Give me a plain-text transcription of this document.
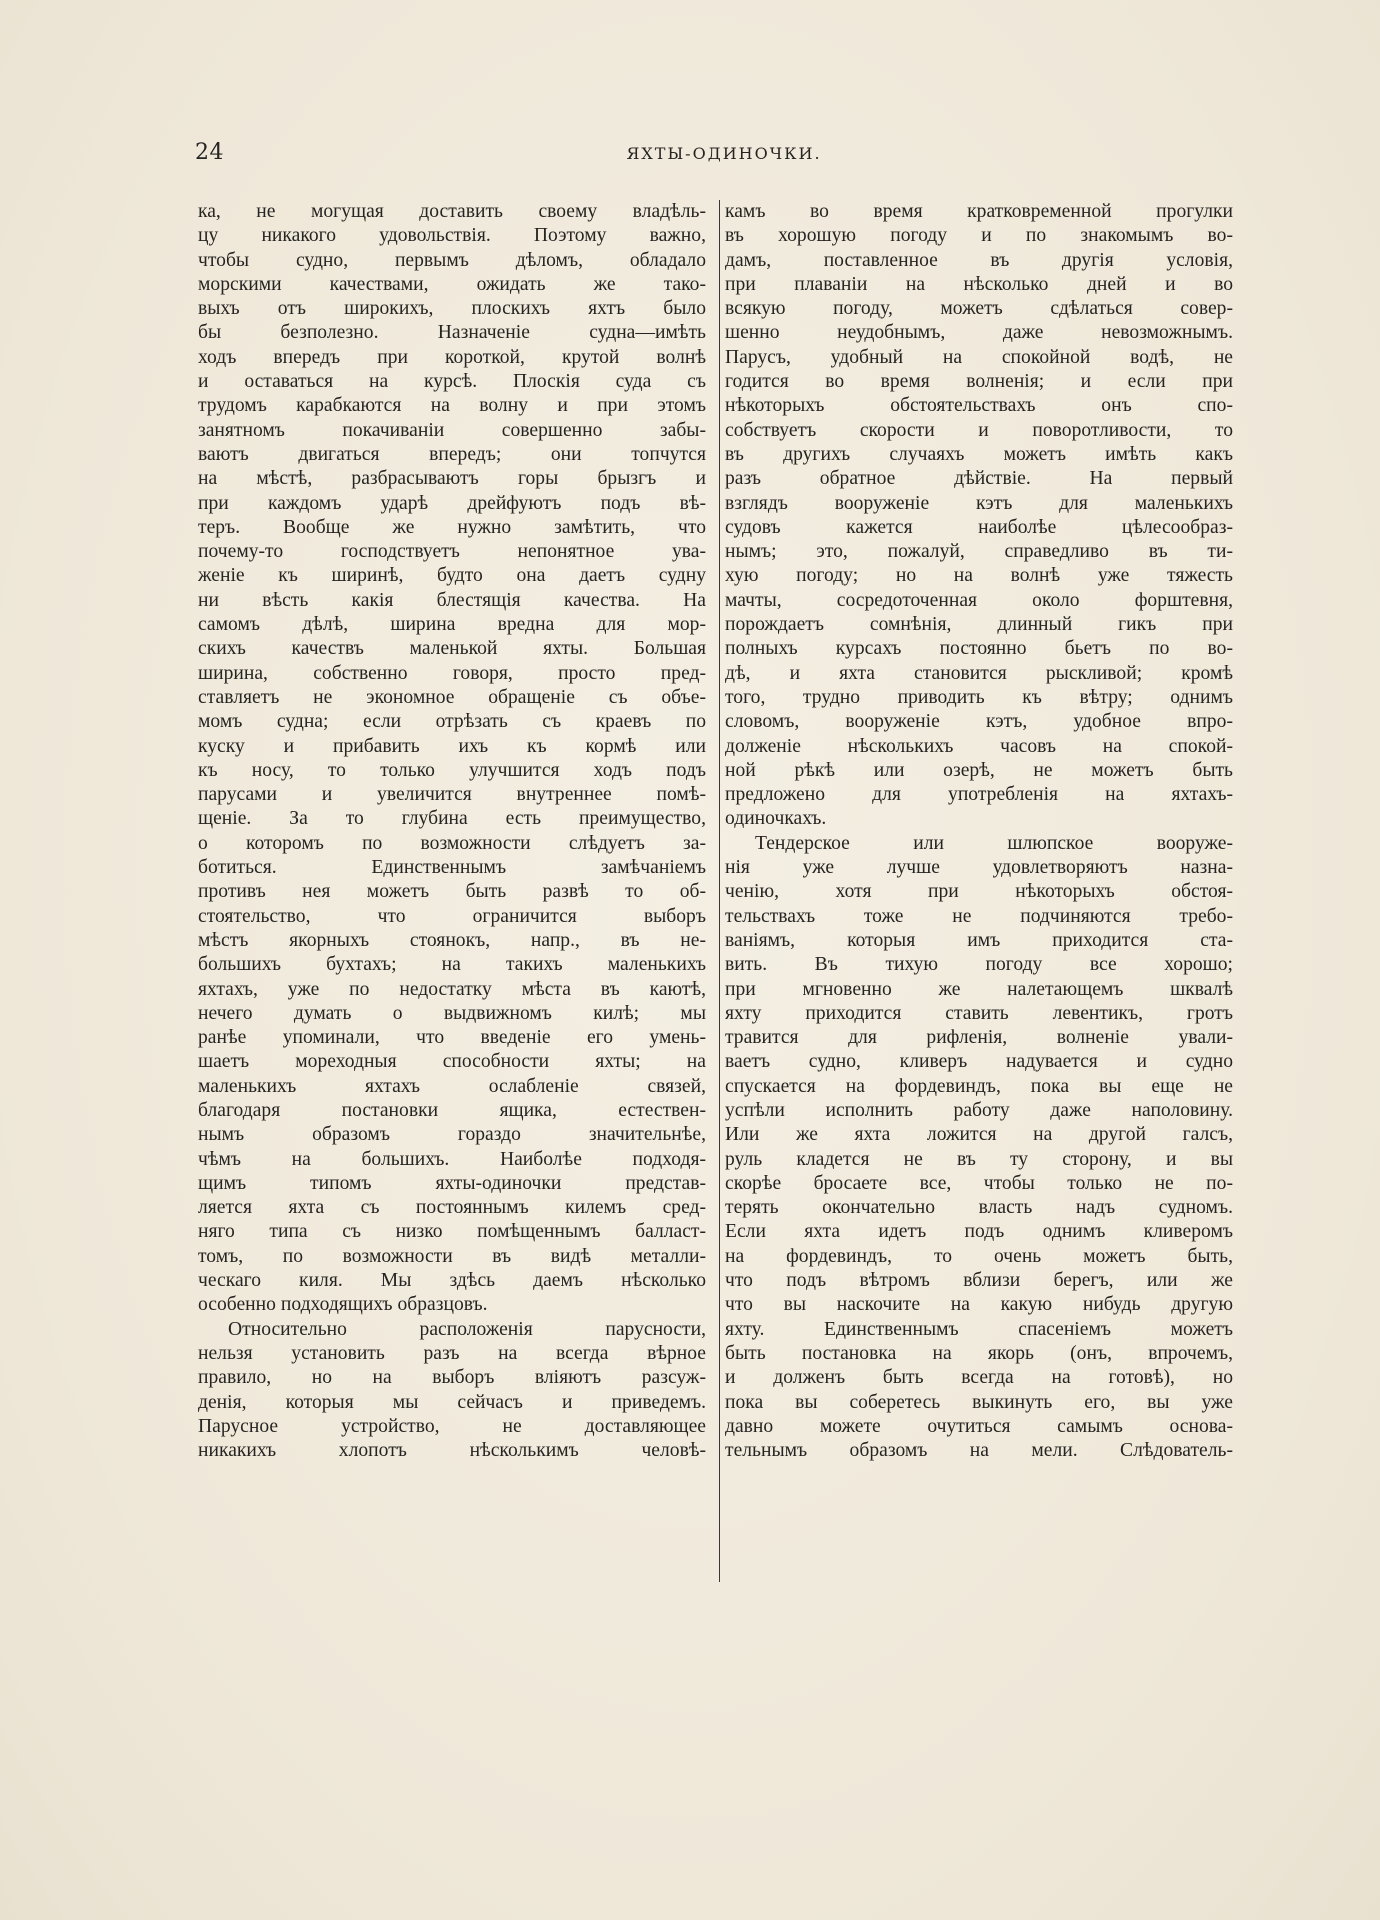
24	ЯХТЫ-ОДИНОЧКИ.

ка, не могущая доставить своему владѣль-

цу никакого удовольствія. Поэтому важно,

чтобы судно, первымъ дѣломъ, обладало

морскими качествами, ожидать же тако-

выхъ отъ широкихъ, плоскихъ яхтъ было

бы безполезно. Назначеніе судна—имѣть

ходъ впередъ при короткой, крутой волнѣ

и оставаться на курсѣ. Плоскія суда съ

трудомъ карабкаются на волну и при этомъ

занятномъ покачиваніи совершенно забы-

ваютъ двигаться впередъ; они топчутся

на мѣстѣ, разбрасываютъ горы брызгъ и

при каждомъ ударѣ дрейфуютъ подъ вѣ-

теръ. Вообще же нужно замѣтить, что

почему-то господствуетъ непонятное ува-

женіе къ ширинѣ, будто она даетъ судну

ни вѣсть какія блестящія качества. На

самомъ дѣлѣ, ширина вредна для мор-

скихъ качествъ маленькой яхты. Большая

ширина, собственно говоря, просто пред-

ставляетъ не экономное обращеніе съ объе-

момъ судна; если отрѣзать съ краевъ по

куску и прибавить ихъ къ кормѣ или

къ носу, то только улучшится ходъ подъ

парусами и увеличится внутреннее помѣ-

щеніе. За то глубина есть преимущество,

о которомъ по возможности слѣдуетъ за-

ботиться. Единственнымъ замѣчаніемъ

противъ нея можетъ быть развѣ то об-

стоятельство, что ограничится выборъ

мѣстъ якорныхъ стоянокъ, напр., въ не-

большихъ бухтахъ; на такихъ маленькихъ

яхтахъ, уже по недостатку мѣста въ каютѣ,

нечего думать о выдвижномъ килѣ; мы

ранѣе упоминали, что введеніе его умень-

шаетъ мореходныя способности яхты; на

маленькихъ яхтахъ ослабленіе связей,

благодаря постановки ящика, естествен-

нымъ образомъ гораздо значительнѣе,

чѣмъ на большихъ. Наиболѣе подходя-

щимъ типомъ яхты-одиночки представ-

ляется яхта съ постояннымъ килемъ сред-

няго типа съ низко помѣщеннымъ балласт-

томъ, по возможности въ видѣ металли-

ческаго киля. Мы здѣсь даемъ нѣсколько

особенно подходящихъ образцовъ.

Относительно расположенія парусности,

нельзя установить разъ на всегда вѣрное

правило, но на выборъ вліяютъ разсуж-

денія, которыя мы сейчасъ и приведемъ.

Парусное устройство, не доставляющее

никакихъ хлопотъ нѣсколькимъ человѣ-

камъ во время кратковременной прогулки

въ хорошую погоду и по знакомымъ во-

дамъ, поставленное въ другія условія,

при плаваніи на нѣсколько дней и во

всякую погоду, можетъ сдѣлаться совер-

шенно неудобнымъ, даже невозможнымъ.

Парусъ, удобный на спокойной водѣ, не

годится во время волненія; и если при

нѣкоторыхъ обстоятельствахъ онъ спо-

собствуетъ скорости и поворотливости, то

въ другихъ случаяхъ можетъ имѣть какъ

разъ обратное дѣйствіе. На первый

взглядъ вооруженіе кэтъ для маленькихъ

судовъ кажется наиболѣе цѣлесообраз-

нымъ; это, пожалуй, справедливо въ ти-

хую погоду; но на волнѣ уже тяжесть

мачты, сосредоточенная около форштевня,

порождаетъ сомнѣнія, длинный гикъ при

полныхъ курсахъ постоянно бьетъ по во-

дѣ, и яхта становится рыскливой; кромѣ

того, трудно приводить къ вѣтру; однимъ

словомъ, вооруженіе кэтъ, удобное впро-

долженіе нѣсколькихъ часовъ на спокой-

ной рѣкѣ или озерѣ, не можетъ быть

предложено для употребленія на яхтахъ-

одиночкахъ.

Тендерское или шлюпское вооруже-

нія уже лучше удовлетворяютъ назна-

ченію, хотя при нѣкоторыхъ обстоя-

тельствахъ тоже не подчиняются требо-

ваніямъ, которыя имъ приходится ста-

вить. Въ тихую погоду все хорошо;

при мгновенно же налетающемъ шквалѣ

яхту приходится ставить левентикъ, гротъ

травится для рифленія, волненіе ували-

ваетъ судно, кливеръ надувается и судно

спускается на фордевиндъ, пока вы еще не

успѣли исполнить работу даже наполовину.

Или же яхта ложится на другой галсъ,

руль кладется не въ ту сторону, и вы

скорѣе бросаете все, чтобы только не по-

терять окончательно власть надъ судномъ.

Если яхта идетъ подъ однимъ кливеромъ

на фордевиндъ, то очень можетъ быть,

что подъ вѣтромъ вблизи берегъ, или же

что вы наскочите на какую нибудь другую

яхту. Единственнымъ спасеніемъ можетъ

быть постановка на якорь (онъ, впрочемъ,

и долженъ быть всегда на готовѣ), но

пока вы соберетесь выкинуть его, вы уже

давно можете очутиться самымъ основа-

тельнымъ образомъ на мели. Слѣдователь-
